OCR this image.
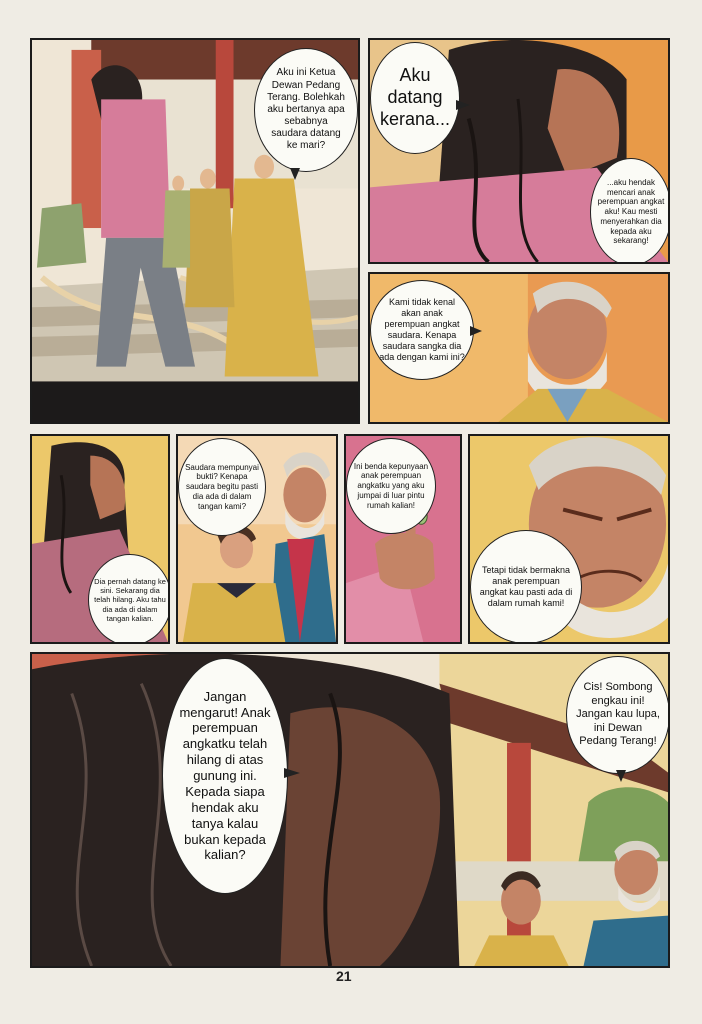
Aku ini Ketua Dewan Pedang Terang. Bolehkah aku bertanya apa sebabnya saudara datang ke mari?
Aku datang kerana...
...aku hendak mencari anak perempuan angkat aku! Kau mesti menyerahkan dia kepada aku sekarang!
Kami tidak kenal akan anak perempuan angkat saudara. Kenapa saudara sangka dia ada dengan kami ini?
Dia pernah datang ke sini. Sekarang dia telah hilang. Aku tahu dia ada di dalam tangan kalian.
Saudara mempunyai bukti? Kenapa saudara begitu pasti dia ada di dalam tangan kami?
Ini benda kepunyaan anak perempuan angkatku yang aku jumpai di luar pintu rumah kalian!
Tetapi tidak bermakna anak perempuan angkat kau pasti ada di dalam rumah kami!
Jangan mengarut! Anak perempuan angkatku telah hilang di atas gunung ini. Kepada siapa hendak aku tanya kalau bukan kepada kalian?
Cis! Sombong engkau ini! Jangan kau lupa, ini Dewan Pedang Terang!
21
